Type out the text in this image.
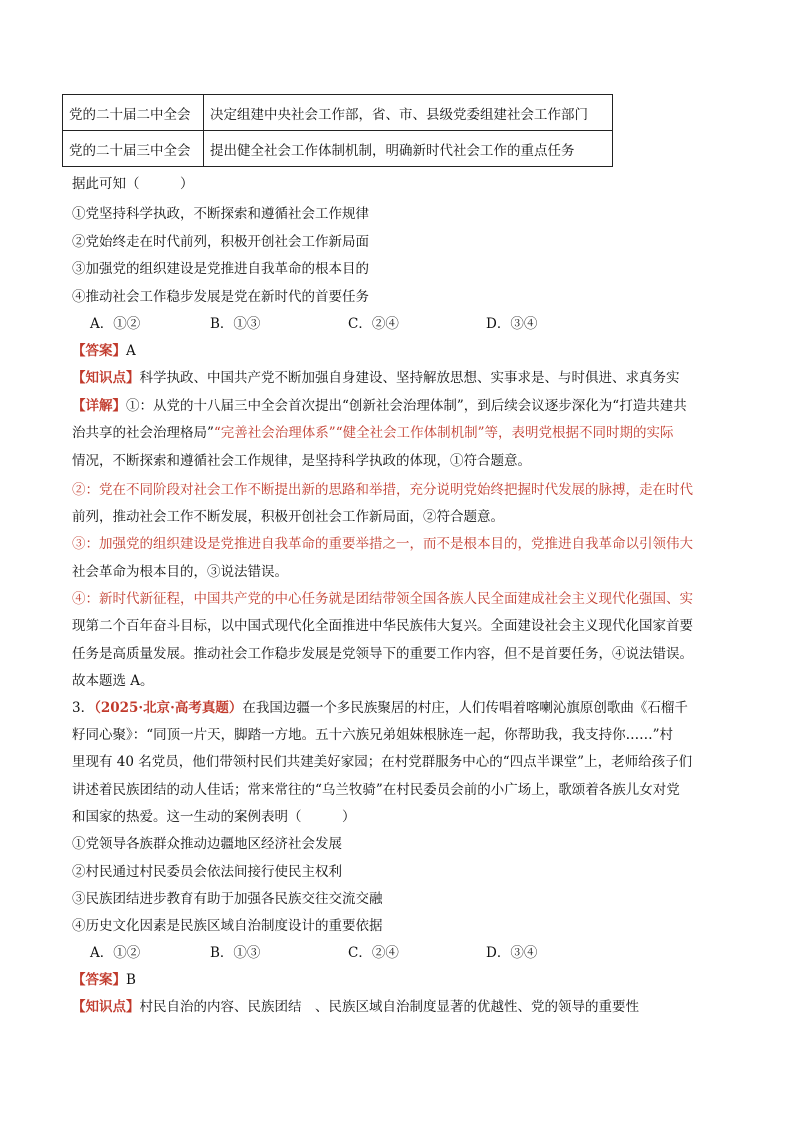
党的二十届二中全会	决定组建中央社会工作部，省、市、县级党委组建社会工作部门
党的二十届三中全会	提出健全社会工作体制机制，明确新时代社会工作的重点任务
据此可知（　　　）
①党坚持科学执政，不断探索和遵循社会工作规律
②党始终走在时代前列，积极开创社会工作新局面
③加强党的组织建设是党推进自我革命的根本目的
④推动社会工作稳步发展是党在新时代的首要任务
A．①②	B．①③	C．②④	D．③④
【答案】A
【知识点】科学执政、中国共产党不断加强自身建设、坚持解放思想、实事求是、与时俱进、求真务实
【详解】①：从党的十八届三中全会首次提出“创新社会治理体制”，到后续会议逐步深化为“打造共建共
治共享的社会治理格局”“完善社会治理体系”“健全社会工作体制机制”等，表明党根据不同时期的实际
情况，不断探索和遵循社会工作规律，是坚持科学执政的体现，①符合题意。
②：党在不同阶段对社会工作不断提出新的思路和举措，充分说明党始终把握时代发展的脉搏，走在时代
前列，推动社会工作不断发展，积极开创社会工作新局面，②符合题意。
③：加强党的组织建设是党推进自我革命的重要举措之一，而不是根本目的，党推进自我革命以引领伟大
社会革命为根本目的，③说法错误。
④：新时代新征程，中国共产党的中心任务就是团结带领全国各族人民全面建成社会主义现代化强国、实
现第二个百年奋斗目标，以中国式现代化全面推进中华民族伟大复兴。全面建设社会主义现代化国家首要
任务是高质量发展。推动社会工作稳步发展是党领导下的重要工作内容，但不是首要任务，④说法错误。
故本题选 A。
3．（2025·北京·高考真题）在我国边疆一个多民族聚居的村庄，人们传唱着喀喇沁旗原创歌曲《石榴千
籽同心聚》：“同顶一片天，脚踏一方地。五十六族兄弟姐妹根脉连一起，你帮助我，我支持你……”村
里现有 40 名党员，他们带领村民们共建美好家园；在村党群服务中心的“四点半课堂”上，老师给孩子们
讲述着民族团结的动人佳话；常来常往的“乌兰牧骑”在村民委员会前的小广场上，歌颂着各族儿女对党
和国家的热爱。这一生动的案例表明（　　　）
①党领导各族群众推动边疆地区经济社会发展
②村民通过村民委员会依法间接行使民主权利
③民族团结进步教育有助于加强各民族交往交流交融
④历史文化因素是民族区域自治制度设计的重要依据
A．①②	B．①③	C．②④	D．③④
【答案】B
【知识点】村民自治的内容、民族团结　、民族区域自治制度显著的优越性、党的领导的重要性
